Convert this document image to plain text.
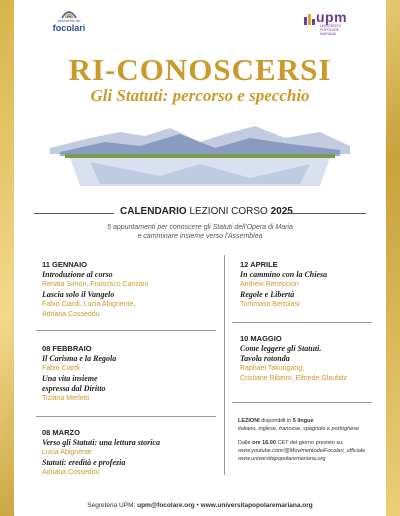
movimento dei
focolari
upm
UNIVERSITÀ POPOLARE MARIANA
RI-CONOSCERSI
Gli Statuti: percorso e specchio
CALENDARIO LEZIONI CORSO 2025
5 appuntamenti per conoscere gli Statuti dell'Opera di Maria
e camminare insieme verso l'Assemblea
11 GENNAIO
Introduzione al corso
Renata Simon, Francisco Canzani
Lascia solo il Vangelo
Fabio Ciardi, Lucia Abignente,
Adriana Cosseddu
08 FEBBRAIO
Il Carisma e la Regola
Fabio Ciardi
Una vita insieme
espressa dal Diritto
Tiziana Merletti
08 MARZO
Verso gli Statuti: una lettura storica
Lucia Abignente
Statuti: eredità e profezia
Adriana Cosseddu
12 APRILE
In cammino con la Chiesa
Andrew Recepcion
Regole e Libertà
Tommaso Bertolasi
10 MAGGIO
Come leggere gli Statuti.
Tavola rotonda
Raphael Takougang,
Cristiane Ribeiro, Elfriede Glaubitz
LEZIONI disponibili in 5 lingue
italiano, inglese, francese, spagnolo e portoghese
Dalle ore 16.00 CET del giorno previsto su:
www.youtube.com/@MovimentodeiFocolari_ufficiale
www.universitapopolaremariana.org
Segreteria UPM: upm@focolare.org • www.universitapopolaremariana.org
